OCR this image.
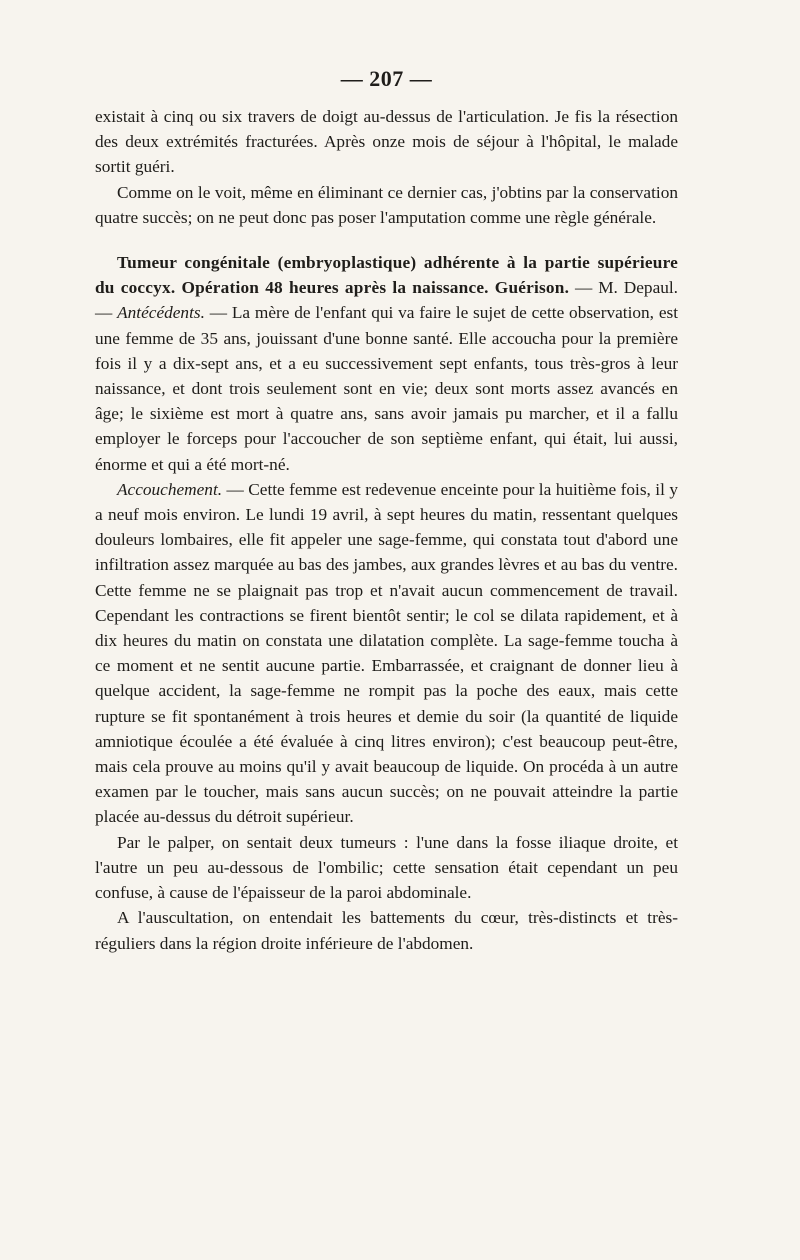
— 207 —

existait à cinq ou six travers de doigt au-dessus de l'articulation. Je fis la résection des deux extrémités fracturées. Après onze mois de séjour à l'hôpital, le malade sortit guéri.

Comme on le voit, même en éliminant ce dernier cas, j'obtins par la conservation quatre succès; on ne peut donc pas poser l'amputation comme une règle générale.

Tumeur congénitale (embryoplastique) adhérente à la partie supérieure du coccyx. Opération 48 heures après la naissance. Guérison. — M. Depaul. — Antécédents. — La mère de l'enfant qui va faire le sujet de cette observation, est une femme de 35 ans, jouissant d'une bonne santé. Elle accoucha pour la première fois il y a dix-sept ans, et a eu successivement sept enfants, tous très-gros à leur naissance, et dont trois seulement sont en vie; deux sont morts assez avancés en âge; le sixième est mort à quatre ans, sans avoir jamais pu marcher, et il a fallu employer le forceps pour l'accoucher de son septième enfant, qui était, lui aussi, énorme et qui a été mort-né.

Accouchement. — Cette femme est redevenue enceinte pour la huitième fois, il y a neuf mois environ. Le lundi 19 avril, à sept heures du matin, ressentant quelques douleurs lombaires, elle fit appeler une sage-femme, qui constata tout d'abord une infiltration assez marquée au bas des jambes, aux grandes lèvres et au bas du ventre. Cette femme ne se plaignait pas trop et n'avait aucun commencement de travail. Cependant les contractions se firent bientôt sentir; le col se dilata rapidement, et à dix heures du matin on constata une dilatation complète. La sage-femme toucha à ce moment et ne sentit aucune partie. Embarrassée, et craignant de donner lieu à quelque accident, la sage-femme ne rompit pas la poche des eaux, mais cette rupture se fit spontanément à trois heures et demie du soir (la quantité de liquide amniotique écoulée a été évaluée à cinq litres environ); c'est beaucoup peut-être, mais cela prouve au moins qu'il y avait beaucoup de liquide. On procéda à un autre examen par le toucher, mais sans aucun succès; on ne pouvait atteindre la partie placée au-dessus du détroit supérieur.

Par le palper, on sentait deux tumeurs : l'une dans la fosse iliaque droite, et l'autre un peu au-dessous de l'ombilic; cette sensation était cependant un peu confuse, à cause de l'épaisseur de la paroi abdominale.

A l'auscultation, on entendait les battements du cœur, très-distincts et très-réguliers dans la région droite inférieure de l'abdomen.
